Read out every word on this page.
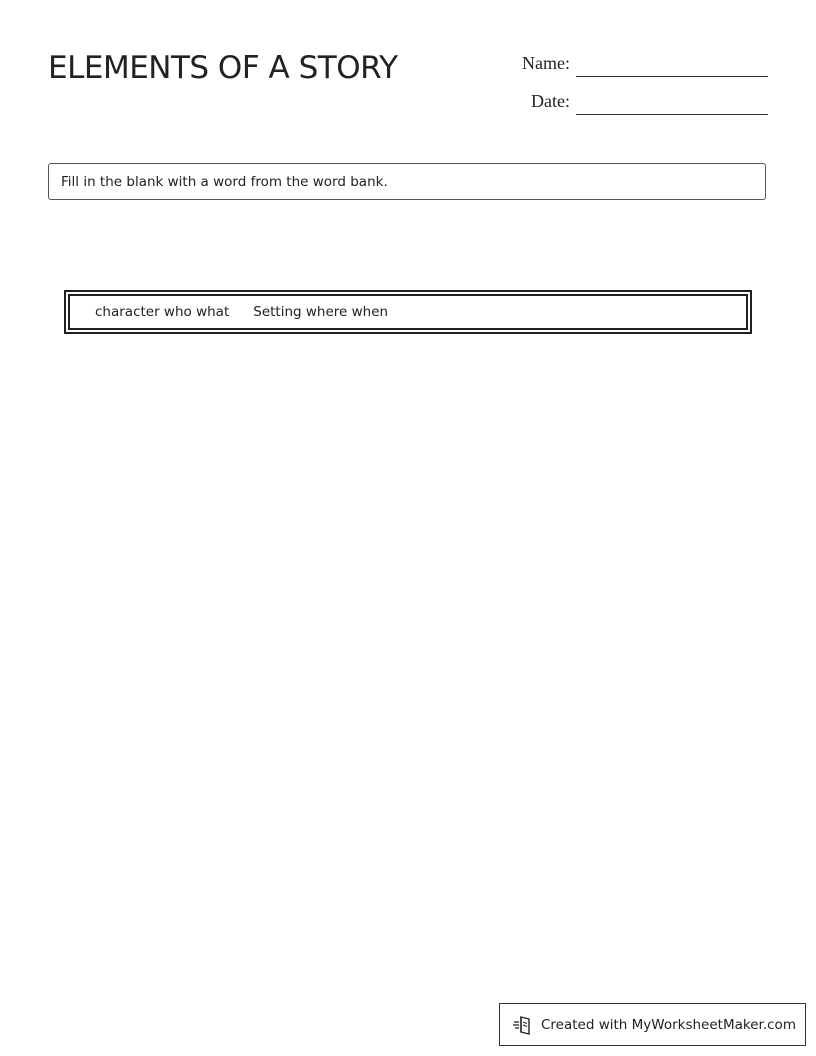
ELEMENTS OF A STORY	Name:
Date:
Fill in the blank with a word from the word bank.
character who what Setting where when
Created with MyWorksheetMaker.com
